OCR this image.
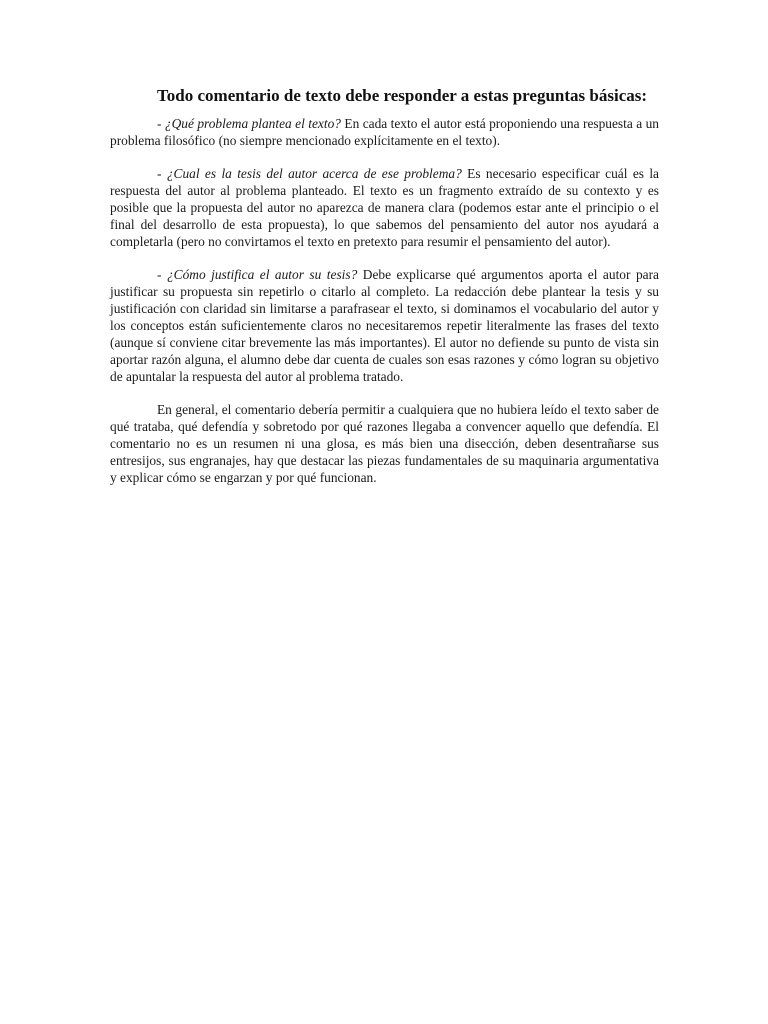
Todo comentario de texto debe responder a estas preguntas básicas:

- ¿Qué problema plantea el texto? En cada texto el autor está proponiendo una respuesta a un problema filosófico (no siempre mencionado explícitamente en el texto).

- ¿Cual es la tesis del autor acerca de ese problema? Es necesario especificar cuál es la respuesta del autor al problema planteado. El texto es un fragmento extraído de su contexto y es posible que la propuesta del autor no aparezca de manera clara (podemos estar ante el principio o el final del desarrollo de esta propuesta), lo que sabemos del pensamiento del autor nos ayudará a completarla (pero no convirtamos el texto en pretexto para resumir el pensamiento del autor).

- ¿Cómo justifica el autor su tesis? Debe explicarse qué argumentos aporta el autor para justificar su propuesta sin repetirlo o citarlo al completo. La redacción debe plantear la tesis y su justificación con claridad sin limitarse a parafrasear el texto, si dominamos el vocabulario del autor y los conceptos están suficientemente claros no necesitaremos repetir literalmente las frases del texto (aunque sí conviene citar brevemente las más importantes). El autor no defiende su punto de vista sin aportar razón alguna, el alumno debe dar cuenta de cuales son esas razones y cómo logran su objetivo de apuntalar la respuesta del autor al problema tratado.

En general, el comentario debería permitir a cualquiera que no hubiera leído el texto saber de qué trataba, qué defendía y sobretodo por qué razones llegaba a convencer aquello que defendía. El comentario no es un resumen ni una glosa, es más bien una disección, deben desentrañarse sus entresijos, sus engranajes, hay que destacar las piezas fundamentales de su maquinaria argumentativa y explicar cómo se engarzan y por qué funcionan.
